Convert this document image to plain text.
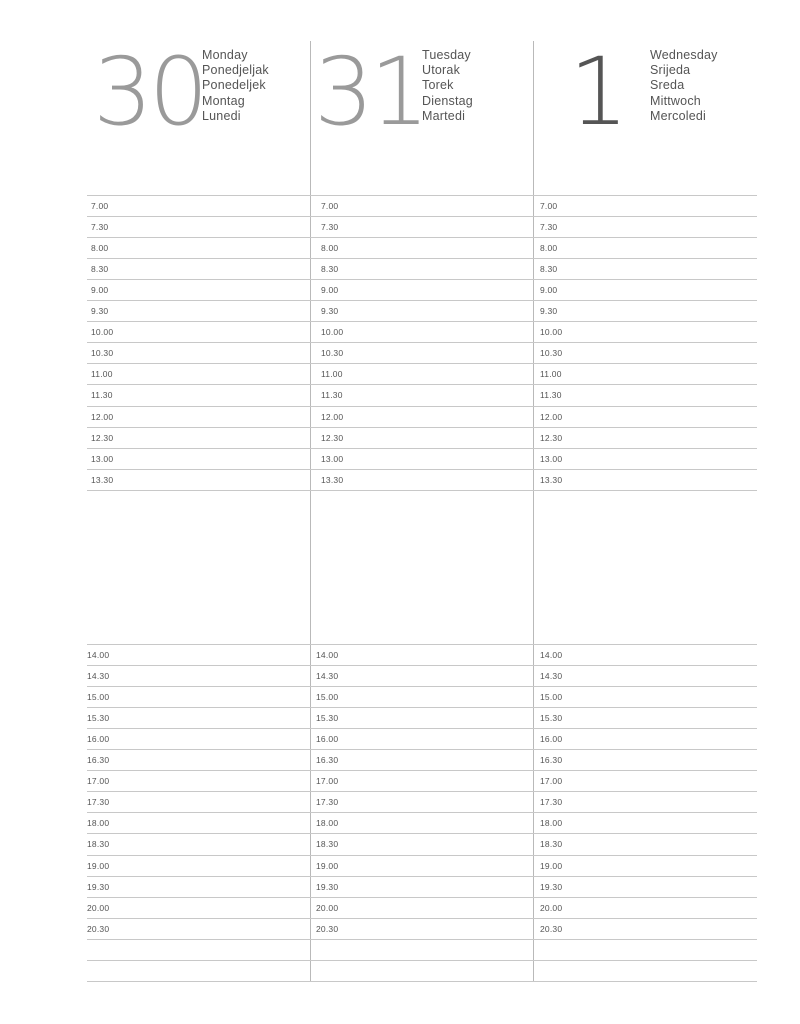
30
Monday
Ponedjeljak
Ponedeljek
Montag
Lunedi 31
Tuesday
Utorak
Torek
Dienstag
Martedi 1 Wednesday
Srijeda
Sreda
Mittwoch
Mercoledi
7.00
7.30
8.00
8.30
9.00
9.30
10.00
10.30
11.00
11.30
12.00
12.30
13.00
13.30
7.00
7.30
8.00
8.30
9.00
9.30
10.00
10.30
11.00
11.30
12.00
12.30
13.00
13.30
7.00
7.30
8.00
8.30
9.00
9.30
10.00
10.30
11.00
11.30
12.00
12.30
13.00
13.30
14.00
14.30
15.00
15.30
16.00
16.30
17.00
17.30
18.00
18.30
19.00
19.30
20.00
20.30
14.00
14.30
15.00
15.30
16.00
16.30
17.00
17.30
18.00
18.30
19.00
19.30
20.00
20.30
14.00
14.30
15.00
15.30
16.00
16.30
17.00
17.30
18.00
18.30
19.00
19.30
20.00
20.30
